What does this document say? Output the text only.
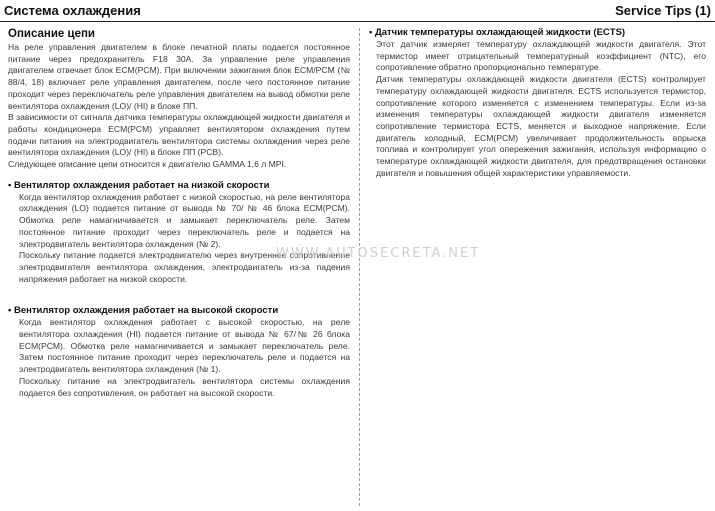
Система охлаждения	Service Tips (1)
Описание цепи

На реле управления двигателем в блоке печатной платы подается постоянное питание через предохранитель F18 30A. За управление реле управления двигателем отвечает блок ECM(PCM). При включении зажигания блок ECM/PCM (№ 88/4, 18) включает реле управления двигателем, после чего постоянное питание проходит через переключатель реле управления двигателем на вывод обмотки реле вентилятора охлаждения (LO)/ (HI) в блоке ПП.

В зависимости от сигнала датчика температуры охлаждающей жидкости двигателя и работы кондиционера ECM(PCM) управляет вентилятором охлаждения путем подачи питания на электродвигатель вентилятора системы охлаждения через реле вентилятора охлаждения (LO)/ (HI) в блоке ПП (PCB).

Следующее описание цепи относится к двигателю GAMMA 1,6 л MPI.

• Вентилятор охлаждения работает на низкой скорости

Когда вентилятор охлаждения работает с низкой скоростью, на реле вентилятора охлаждения (LO) подается питание от вывода № 70/ № 46 блока ECM(PCM). Обмотка реле намагничивается и замыкает переключатель реле. Затем постоянное питание проходит через переключатель реле и подается на электродвигатель вентилятора охлаждения (№ 2).

Поскольку питание подается электродвигателю через внутреннее сопротивление электродвигателя вентилятора охлаждения, электродвигатель из-за падения напряжения работает на низкой скорости.

• Вентилятор охлаждения работает на высокой скорости

Когда вентилятор охлаждения работает с высокой скоростью, на реле вентилятора охлаждения (HI) подается питание от вывода № 67/№ 26 блока ECM(PCM). Обмотка реле намагничивается и замыкает переключатель реле. Затем постоянное питание проходит через переключатель реле и подается на электродвигатель вентилятора охлаждения (№ 1).

Поскольку питание на электродвигатель вентилятора системы охлаждения подается без сопротивления, он работает на высокой скорости.

• Датчик температуры охлаждающей жидкости (ECTS)

Этот датчик измеряет температуру охлаждающей жидкости двигателя. Этот термистор имеет отрицательный температурный коэффициент (NTC), его сопротивление обратно пропорционально температуре.

Датчик температуры охлаждающей жидкости двигателя (ECTS) контролирует температуру охлаждающей жидкости двигателя. ECTS используется термистор, сопротивление которого изменяется с изменением температуры. Если из-за изменения температуры охлаждающей жидкости двигателя изменяется сопротивление термистора ECTS, меняется и выходное напряжение. Если двигатель холодный, ECM(PCM) увеличивает продолжительность впрыска топлива и контролирует угол опережения зажигания, используя информацию о температуре охлаждающей жидкости двигателя, для предотвращения остановки двигателя и повышения общей характеристики управляемости.

WWW.AUTOSECRETA.NET
